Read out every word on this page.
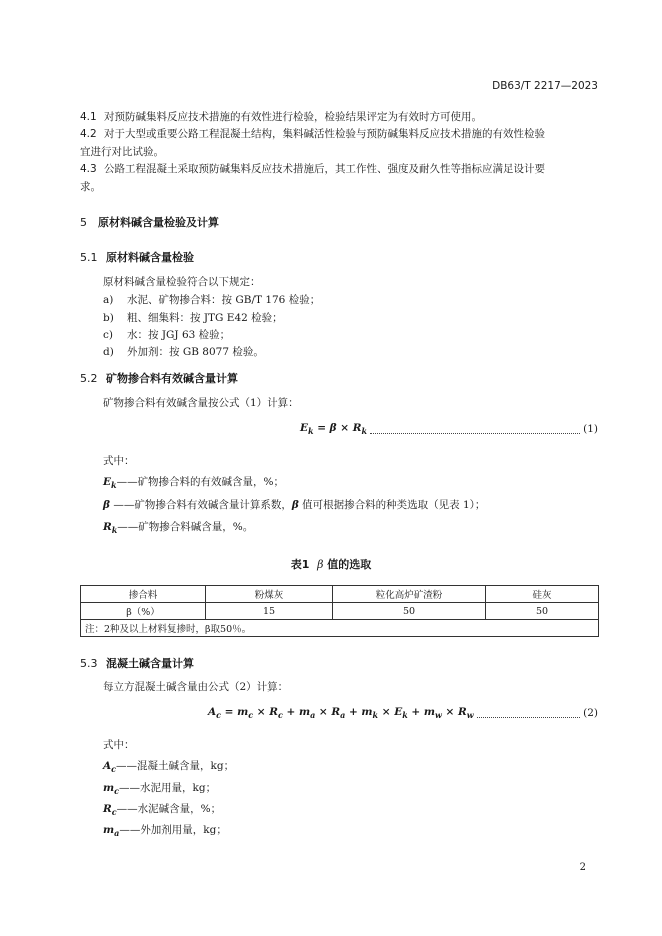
DB63/T 2217—2023
4.1 对预防碱集料反应技术措施的有效性进行检验，检验结果评定为有效时方可使用。
4.2 对于大型或重要公路工程混凝土结构，集料碱活性检验与预防碱集料反应技术措施的有效性检验
宜进行对比试验。
4.3 公路工程混凝土采取预防碱集料反应技术措施后，其工作性、强度及耐久性等指标应满足设计要
求。
5 原材料碱含量检验及计算
5.1 原材料碱含量检验
原材料碱含量检验符合以下规定：
a) 水泥、矿物掺合料：按 GB/T 176 检验；
b) 粗、细集料：按 JTG E42 检验；
c) 水：按 JGJ 63 检验；
d) 外加剂：按 GB 8077 检验。
5.2 矿物掺合料有效碱含量计算
矿物掺合料有效碱含量按公式（1）计算：
$E_k = \beta \times R_k$	(1)
式中：
$E_k——$矿物掺合料的有效碱含量，%；
β ——矿物掺合料有效碱含量计算系数，β 值可根据掺合料的种类选取（见表 1）；
$R_k——$矿物掺合料碱含量，%。
表1 β 值的选取
掺合料	粉煤灰	粒化高炉矿渣粉	硅灰
β（%）	15	50	50
注：2种及以上材料复掺时，β取50％。			
5.3 混凝土碱含量计算
每立方混凝土碱含量由公式（2）计算：
$A_c = m_c \times R_c + m_a \times R_a + m_k \times E_k + m_w \times R_w$	(2)
式中：
$A_c——$混凝土碱含量，kg；
$m_c——$水泥用量，kg；
$R_c——$水泥碱含量，%；
$m_a——$外加剂用量，kg；
2
